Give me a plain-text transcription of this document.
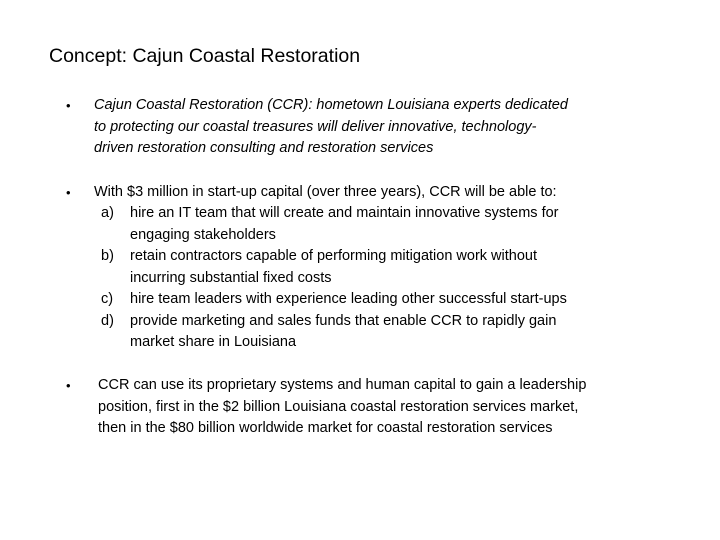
Concept: Cajun Coastal Restoration
• Cajun Coastal Restoration (CCR): hometown Louisiana experts dedicated
to protecting our coastal treasures will deliver innovative, technology-
driven restoration consulting and restoration services
• With $3 million in start-up capital (over three years), CCR will be able to:
a) hire an IT team that will create and maintain innovative systems for
engaging stakeholders
b) retain contractors capable of performing mitigation work without
incurring substantial fixed costs
c) hire team leaders with experience leading other successful start-ups
d) provide marketing and sales funds that enable CCR to rapidly gain
market share in Louisiana
• CCR can use its proprietary systems and human capital to gain a leadership
position, first in the $2 billion Louisiana coastal restoration services market,
then in the $80 billion worldwide market for coastal restoration services
